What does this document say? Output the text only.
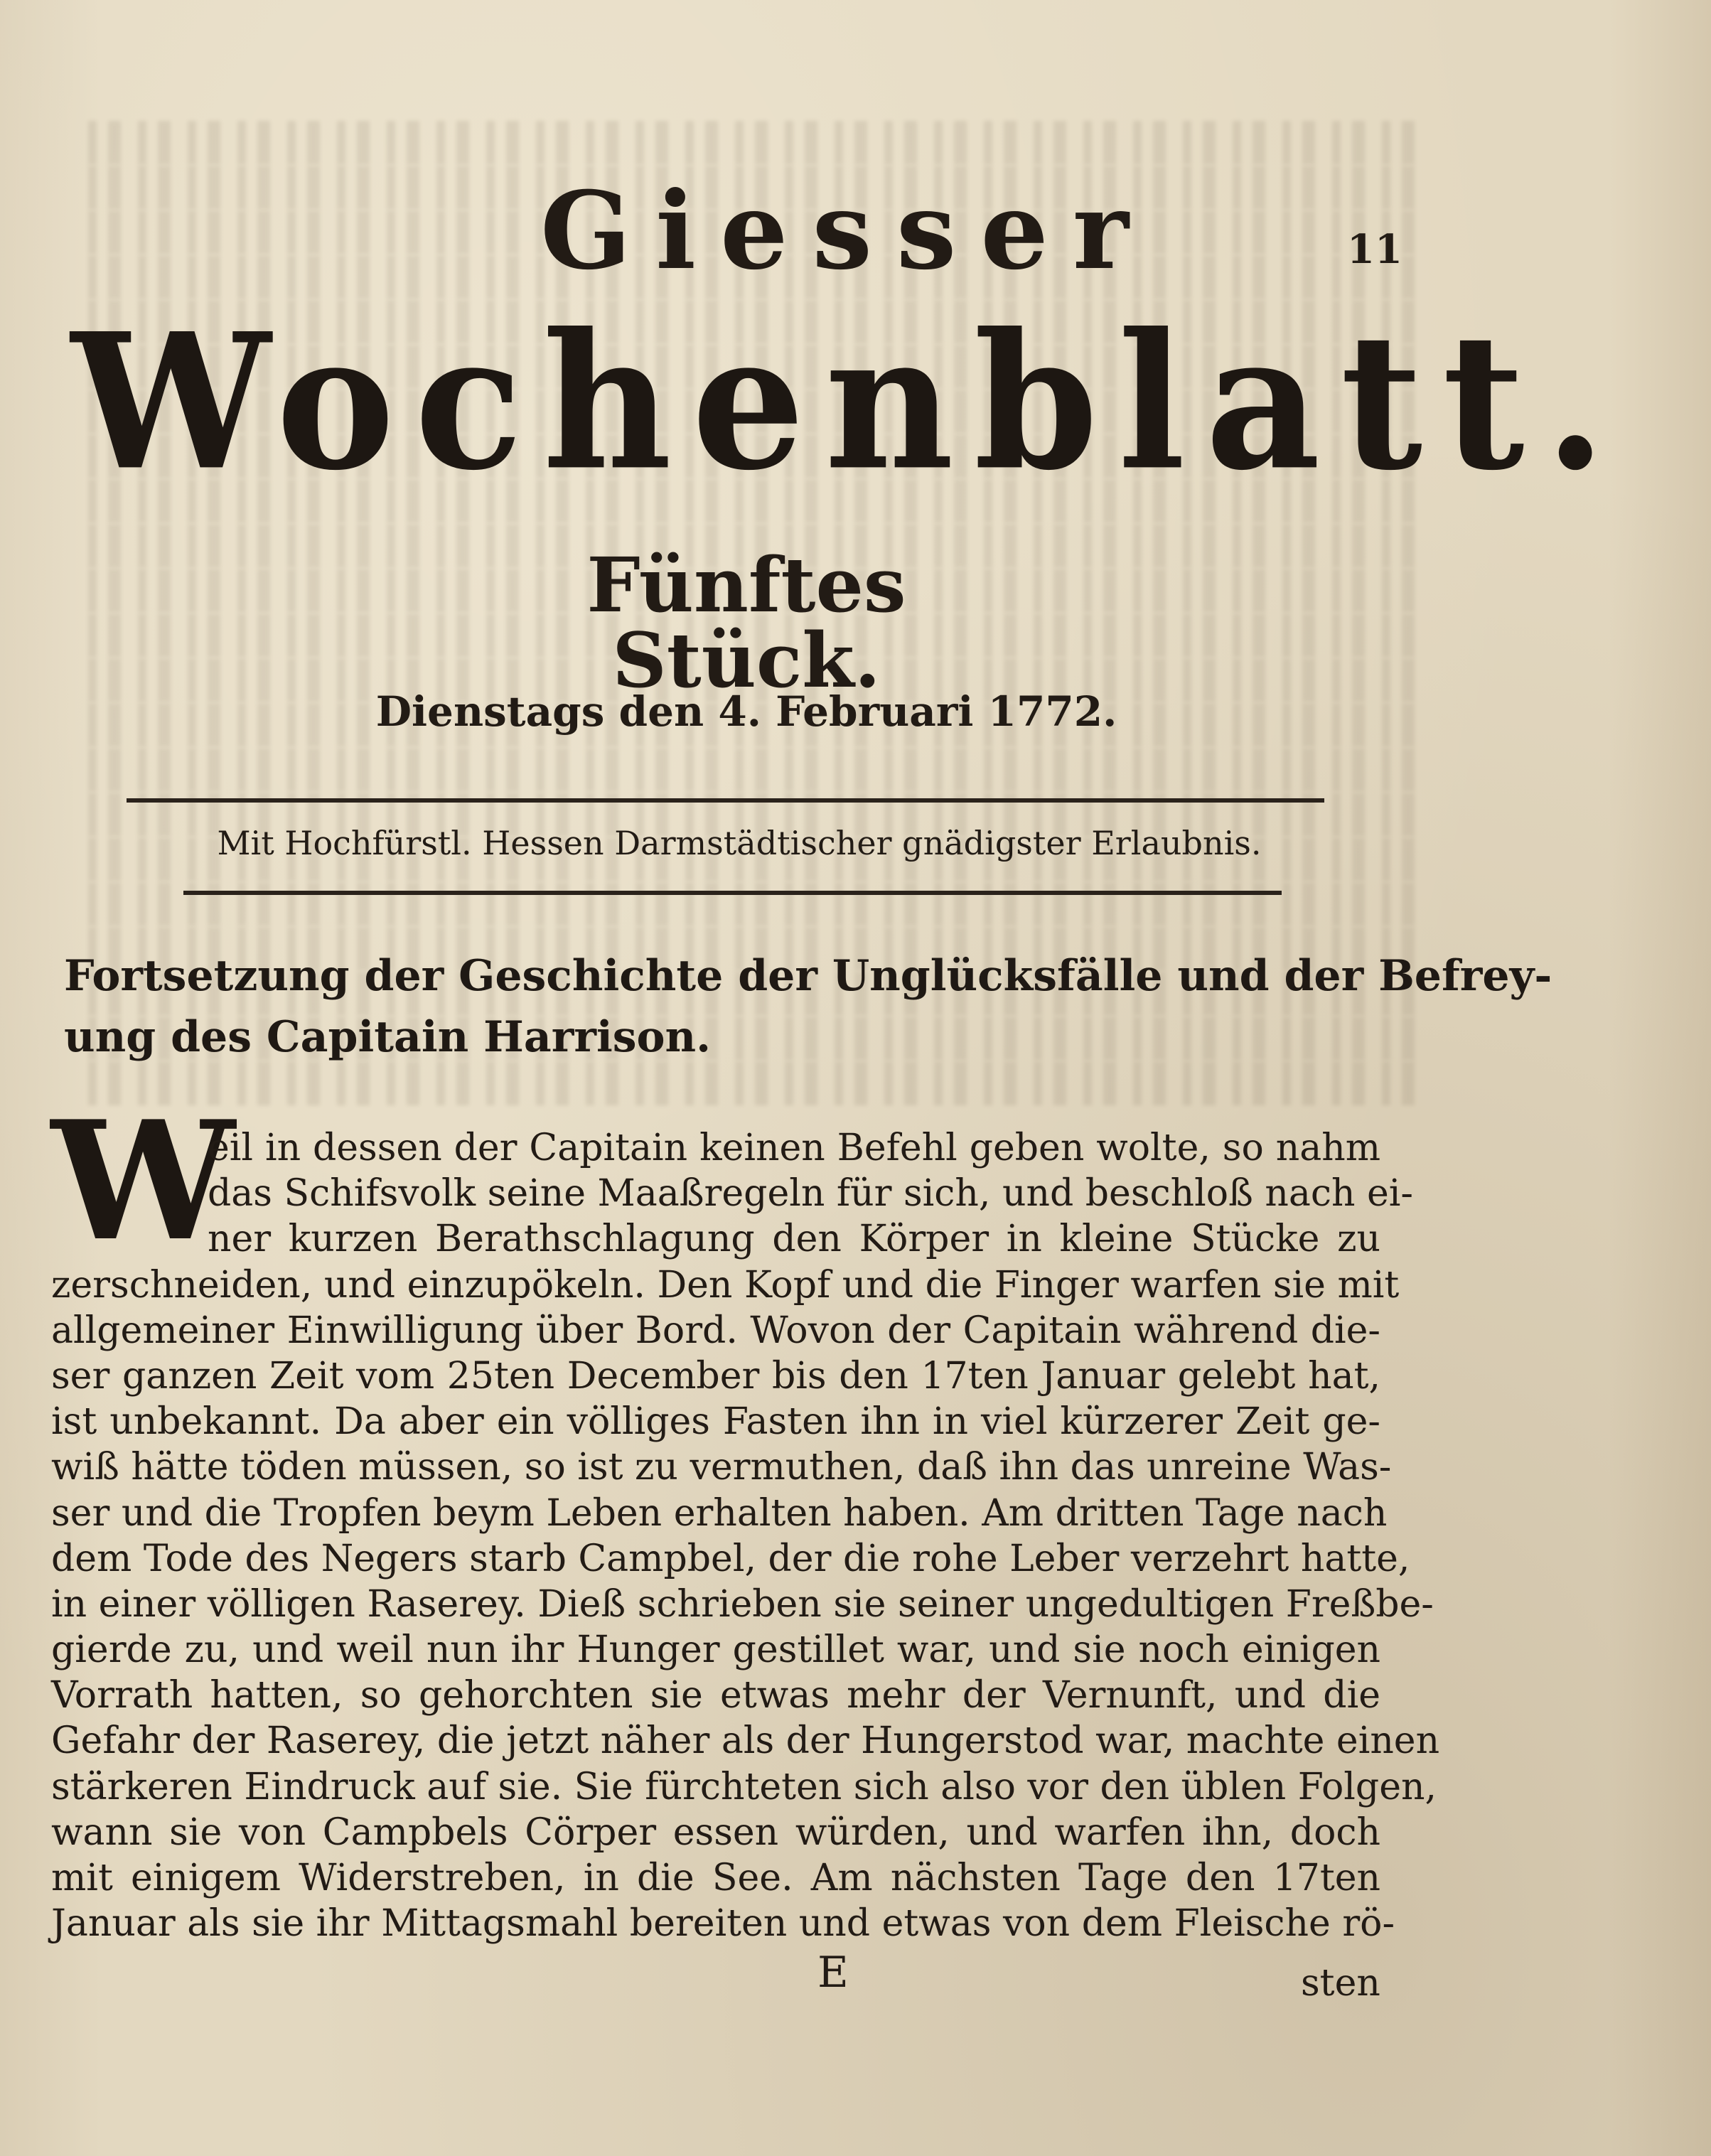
11
Giesser
Wochenblatt.
Fünftes Stück.
Dienstags den 4. Februari 1772.
Mit Hochfürstl. Hessen Darmstädtischer gnädigster Erlaubnis.
Fortsetzung der Geschichte der Unglücksfälle und der Befrey-
ung des Capitain Harrison.
W
eil in dessen der Capitain keinen Befehl geben wolte, so nahm
das Schifsvolk seine Maaßregeln für sich, und beschloß nach ei-
ner kurzen Berathschlagung den Körper in kleine Stücke zu
zerschneiden, und einzupökeln. Den Kopf und die Finger warfen sie mit
allgemeiner Einwilligung über Bord. Wovon der Capitain während die-
ser ganzen Zeit vom 25ten December bis den 17ten Januar gelebt hat,
ist unbekannt. Da aber ein völliges Fasten ihn in viel kürzerer Zeit ge-
wiß hätte töden müssen, so ist zu vermuthen, daß ihn das unreine Was-
ser und die Tropfen beym Leben erhalten haben. Am dritten Tage nach
dem Tode des Negers starb Campbel, der die rohe Leber verzehrt hatte,
in einer völligen Raserey. Dieß schrieben sie seiner ungedultigen Freßbe-
gierde zu, und weil nun ihr Hunger gestillet war, und sie noch einigen
Vorrath hatten, so gehorchten sie etwas mehr der Vernunft, und die
Gefahr der Raserey, die jetzt näher als der Hungerstod war, machte einen
stärkeren Eindruck auf sie. Sie fürchteten sich also vor den üblen Folgen,
wann sie von Campbels Cörper essen würden, und warfen ihn, doch
mit einigem Widerstreben, in die See. Am nächsten Tage den 17ten
Januar als sie ihr Mittagsmahl bereiten und etwas von dem Fleische rö-
E	sten
